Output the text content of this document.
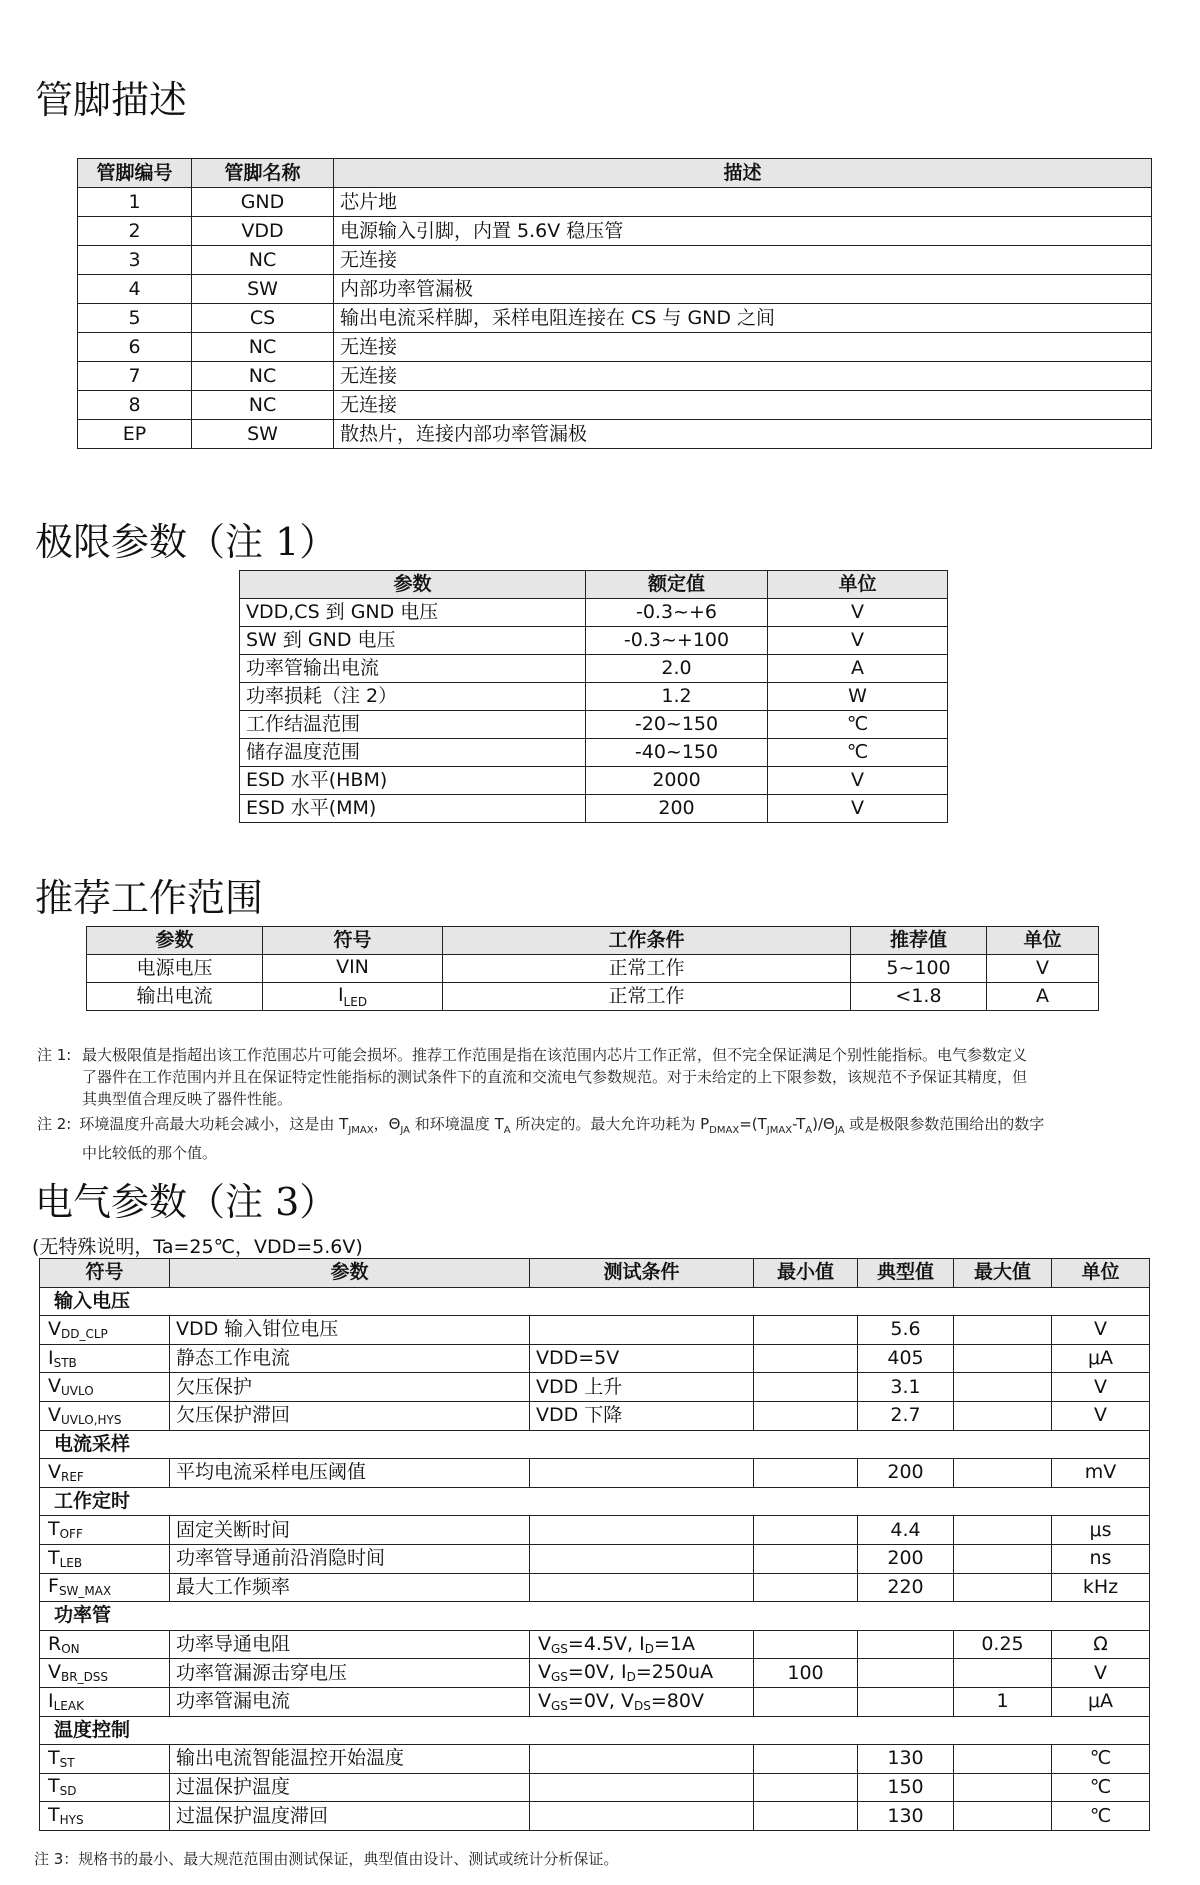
管脚描述
管脚编号	管脚名称	描述
1	GND	芯片地
2	VDD	电源输入引脚，内置 5.6V 稳压管
3	NC	无连接
4	SW	内部功率管漏极
5	CS	输出电流采样脚，采样电阻连接在 CS 与 GND 之间
6	NC	无连接
7	NC	无连接
8	NC	无连接
EP	SW	散热片，连接内部功率管漏极
极限参数（注 1）
参数	额定值	单位
VDD,CS 到 GND 电压	-0.3~+6	V
SW 到 GND 电压	-0.3~+100	V
功率管输出电流	2.0	A
功率损耗（注 2）	1.2	W
工作结温范围	-20~150	℃
储存温度范围	-40~150	℃
ESD 水平(HBM)	2000	V
ESD 水平(MM)	200	V
推荐工作范围
参数	符号	工作条件	推荐值	单位
电源电压	VIN	正常工作	5~100	V
输出电流	$I_{LED}$	正常工作	<1.8	A
注 1: 最大极限值是指超出该工作范围芯片可能会损坏。推荐工作范围是指在该范围内芯片工作正常，但不完全保证满足个别性能指标。电气参数定义
了器件在工作范围内并且在保证特定性能指标的测试条件下的直流和交流电气参数规范。对于未给定的上下限参数，该规范不予保证其精度，但
其典型值合理反映了器件性能。
注 2: 环境温度升高最大功耗会减小，这是由 $T_{JMAX}$，$\Theta_{JA}$ 和环境温度 $T_A$ 所决定的。最大允许功耗为 $P_{DMAX}=(T_{JMAX}-T_A)/\Theta_{JA}$ 或是极限参数范围给出的数字
中比较低的那个值。
电气参数（注 3）
(无特殊说明，Ta=25℃，VDD=5.6V)
符号	参数	测试条件	最小值	典型值	最大值	单位
输入电压						
$V_{DD\_CLP}$	VDD 输入钳位电压			5.6		V
$I_{STB}$	静态工作电流	VDD=5V		405		μA
$V_{UVLO}$	欠压保护	VDD 上升		3.1		V
$V_{UVLO,HYS}$	欠压保护滞回	VDD 下降		2.7		V
电流采样						
$V_{REF}$	平均电流采样电压阈值			200		mV
工作定时						
$T_{OFF}$	固定关断时间			4.4		μs
$T_{LEB}$	功率管导通前沿消隐时间			200		ns
$F_{SW\_MAX}$	最大工作频率			220		kHz
功率管						
$R_{ON}$	功率导通电阻	$V_{GS}=4.5V$, $I_D=1A$			0.25	Ω
$V_{BR\_DSS}$	功率管漏源击穿电压	$V_{GS}=0V$, $I_D=250uA$	100			V
$I_{LEAK}$	功率管漏电流	$V_{GS}=0V$, $V_{DS}=80V$			1	μA
温度控制						
$T_{ST}$	输出电流智能温控开始温度			130		℃
$T_{SD}$	过温保护温度			150		℃
$T_{HYS}$	过温保护温度滞回			130		℃
注 3：规格书的最小、最大规范范围由测试保证，典型值由设计、测试或统计分析保证。
